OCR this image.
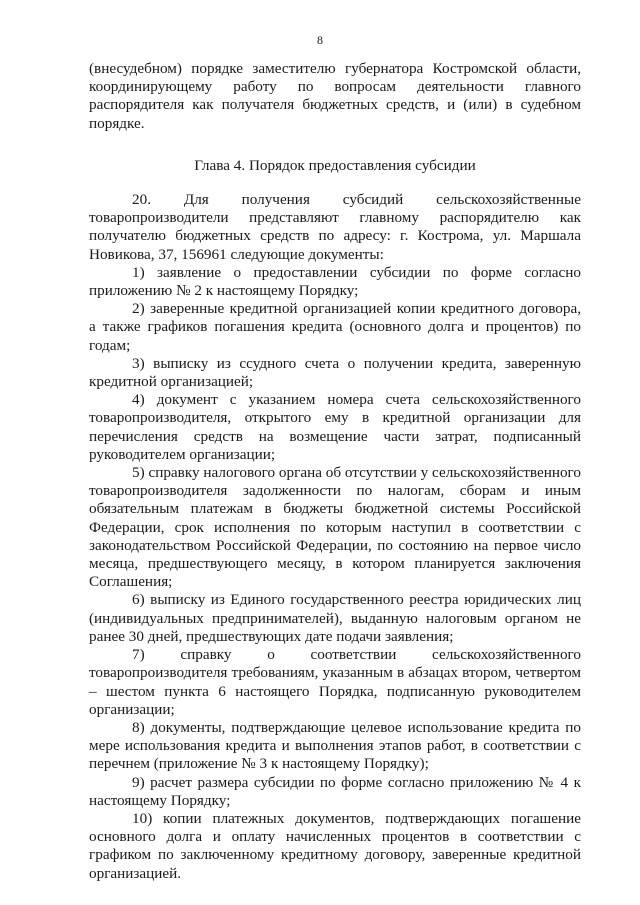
8

(внесудебном) порядке заместителю губернатора Костромской области, координирующему работу по вопросам деятельности главного распорядителя как получателя бюджетных средств, и (или) в судебном порядке.

Глава 4. Порядок предоставления субсидии

20. Для получения субсидий сельскохозяйственные товаропроизводители представляют главному распорядителю как получателю бюджетных средств по адресу: г. Кострома, ул. Маршала Новикова, 37, 156961 следующие документы:

1) заявление о предоставлении субсидии по форме согласно приложению № 2 к настоящему Порядку;

2) заверенные кредитной организацией копии кредитного договора, а также графиков погашения кредита (основного долга и процентов) по годам;

3) выписку из ссудного счета о получении кредита, заверенную кредитной организацией;

4) документ с указанием номера счета сельскохозяйственного товаропроизводителя, открытого ему в кредитной организации для перечисления средств на возмещение части затрат, подписанный руководителем организации;

5) справку налогового органа об отсутствии у сельскохозяйственного товаропроизводителя задолженности по налогам, сборам и иным обязательным платежам в бюджеты бюджетной системы Российской Федерации, срок исполнения по которым наступил в соответствии с законодательством Российской Федерации, по состоянию на первое число месяца, предшествующего месяцу, в котором планируется заключения Соглашения;

6) выписку из Единого государственного реестра юридических лиц (индивидуальных предпринимателей), выданную налоговым органом не ранее 30 дней, предшествующих дате подачи заявления;

7) справку о соответствии сельскохозяйственного товаропроизводителя требованиям, указанным в абзацах втором, четвертом – шестом пункта 6 настоящего Порядка, подписанную руководителем организации;

8) документы, подтверждающие целевое использование кредита по мере использования кредита и выполнения этапов работ, в соответствии с перечнем (приложение № 3 к настоящему Порядку);

9) расчет размера субсидии по форме согласно приложению № 4 к настоящему Порядку;

10) копии платежных документов, подтверждающих погашение основного долга и оплату начисленных процентов в соответствии с графиком по заключенному кредитному договору, заверенные кредитной организацией.
